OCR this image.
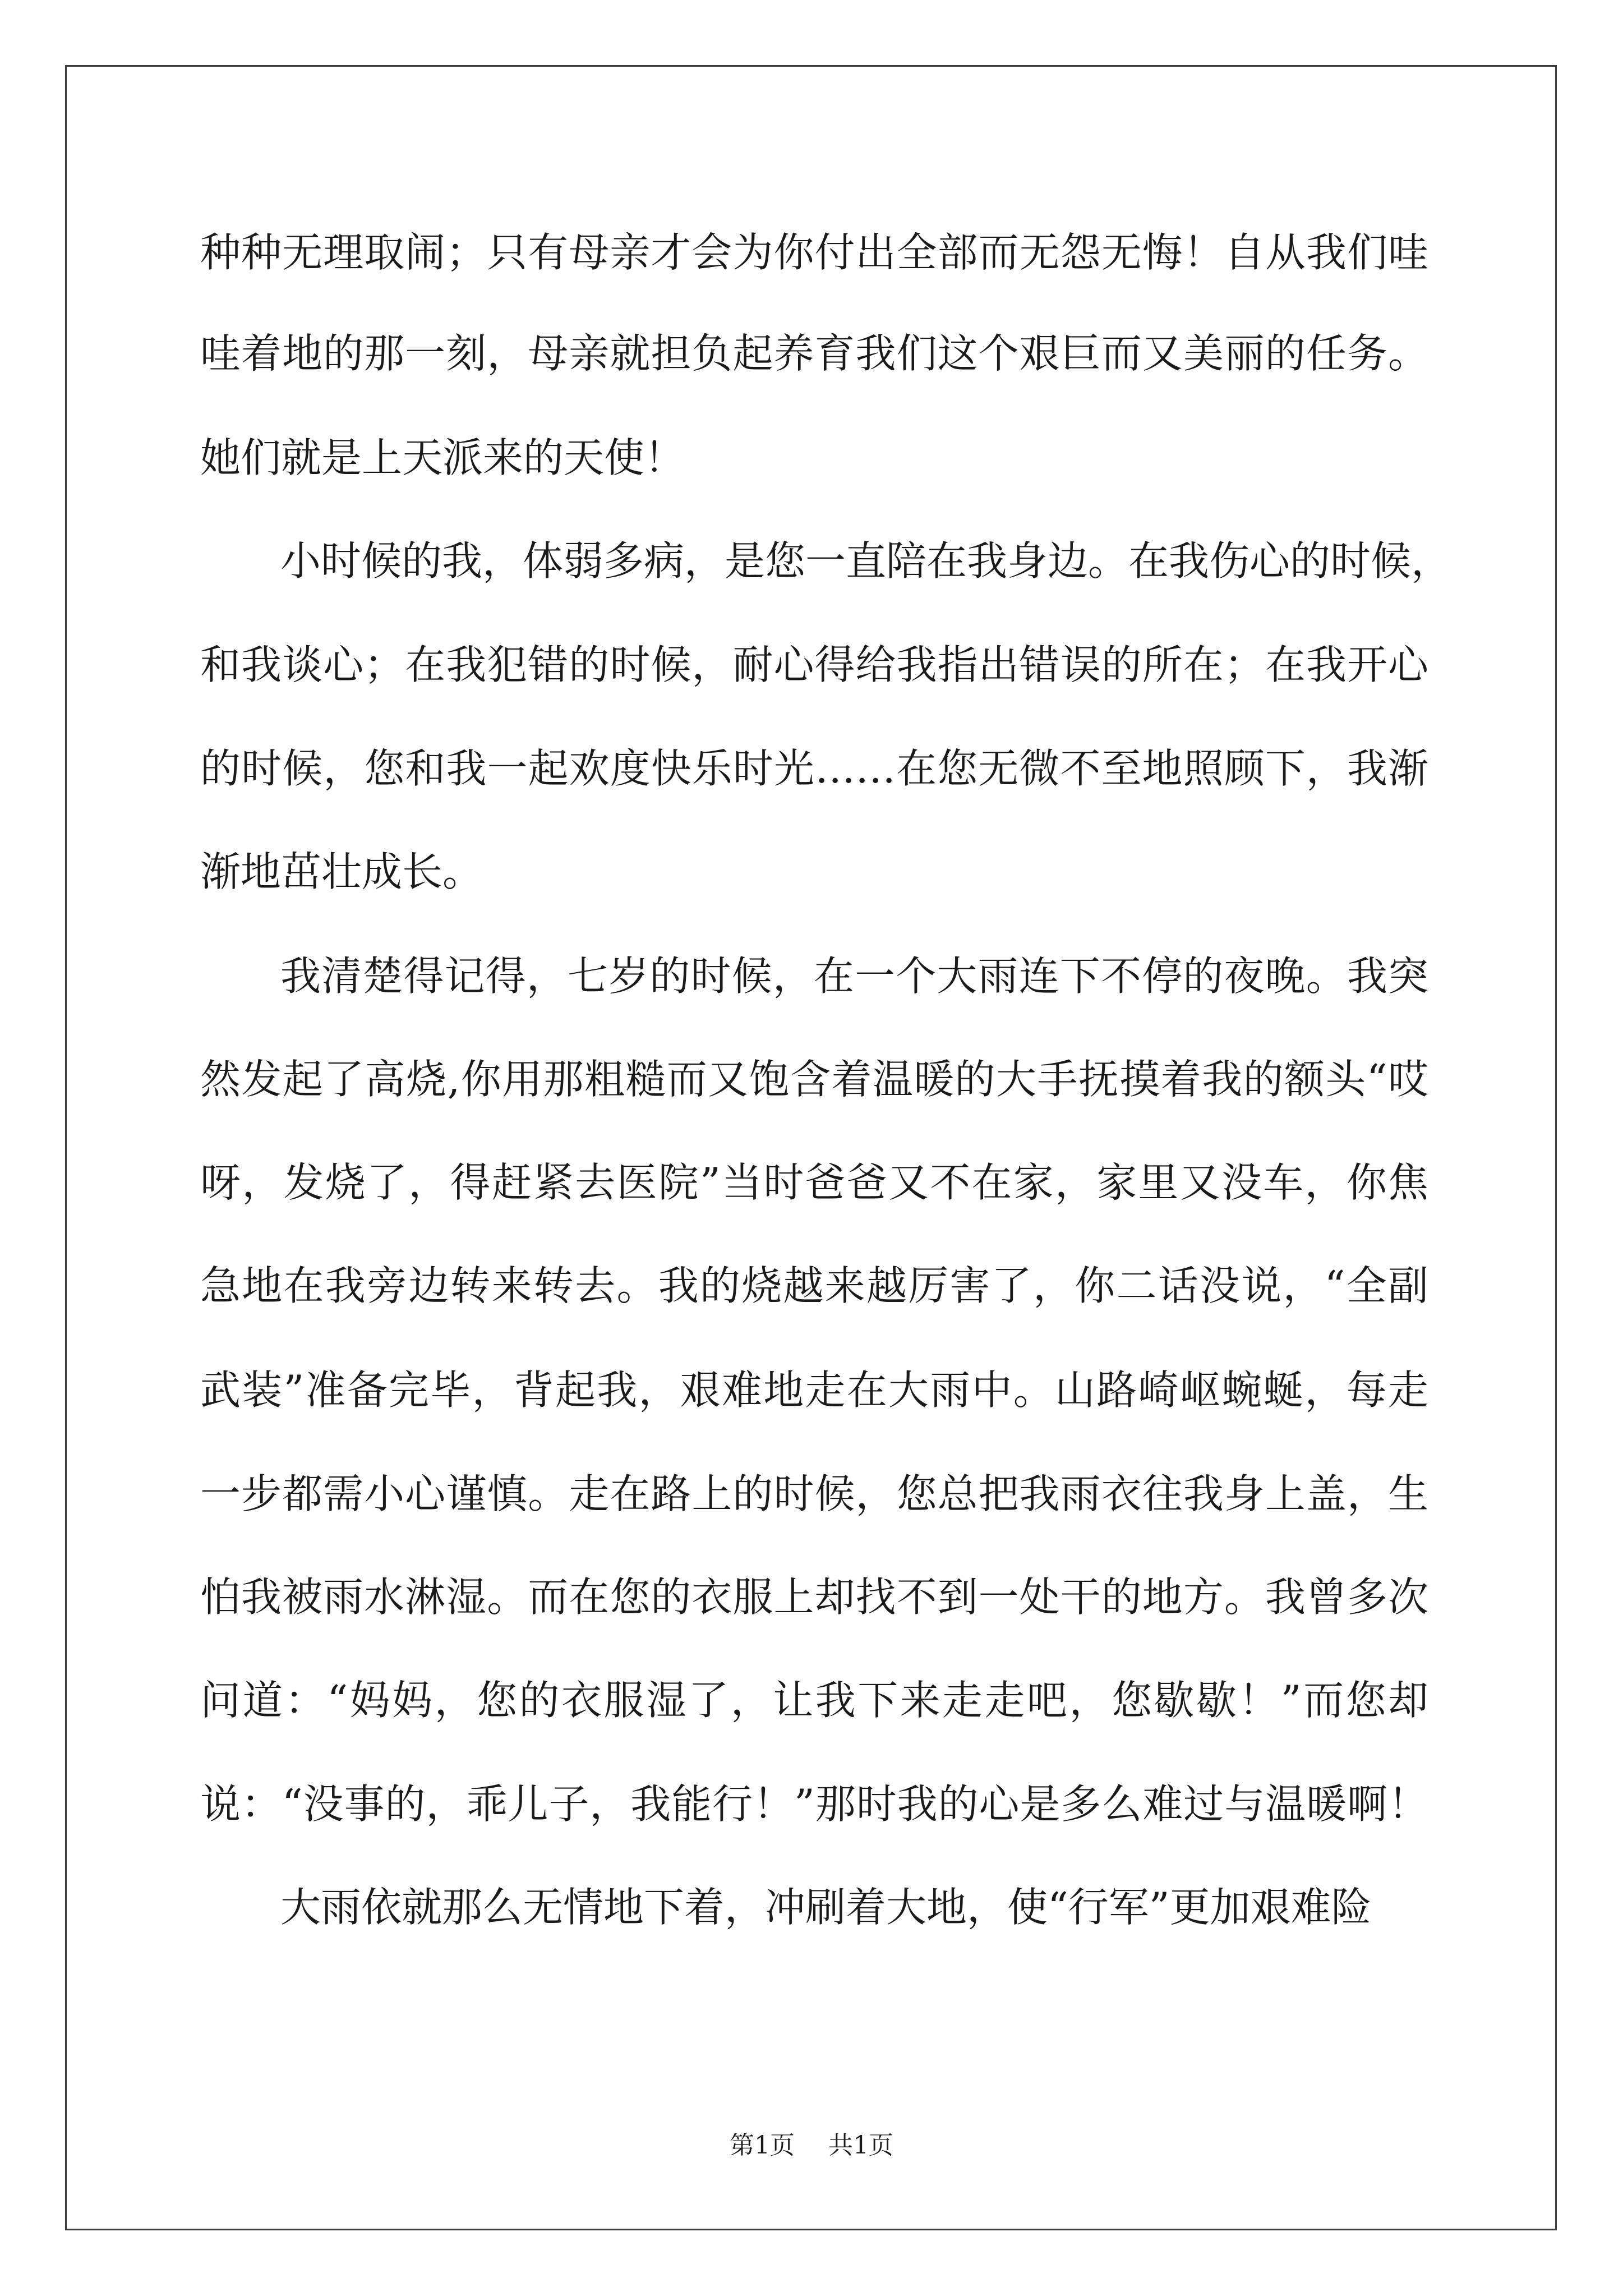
种种无理取闹；只有母亲才会为你付出全部而无怨无悔！自从我们哇
哇着地的那一刻，母亲就担负起养育我们这个艰巨而又美丽的任务。
她们就是上天派来的天使！
小时候的我，体弱多病，是您一直陪在我身边。在我伤心的时候，
和我谈心；在我犯错的时候，耐心得给我指出错误的所在；在我开心
的时候，您和我一起欢度快乐时光……在您无微不至地照顾下，我渐
渐地茁壮成长。
我清楚得记得，七岁的时候，在一个大雨连下不停的夜晚。我突
然发起了高烧,你用那粗糙而又饱含着温暖的大手抚摸着我的额头“哎
呀，发烧了，得赶紧去医院”当时爸爸又不在家，家里又没车，你焦
急地在我旁边转来转去。我的烧越来越厉害了，你二话没说，“全副
武装”准备完毕，背起我，艰难地走在大雨中。山路崎岖蜿蜒，每走
一步都需小心谨慎。走在路上的时候，您总把我雨衣往我身上盖，生
怕我被雨水淋湿。而在您的衣服上却找不到一处干的地方。我曾多次
问道：“妈妈，您的衣服湿了，让我下来走走吧，您歇歇！”而您却
说：“没事的，乖儿子，我能行！”那时我的心是多么难过与温暖啊！
大雨依就那么无情地下着，冲刷着大地，使“行军”更加艰难险
第1页 共1页
